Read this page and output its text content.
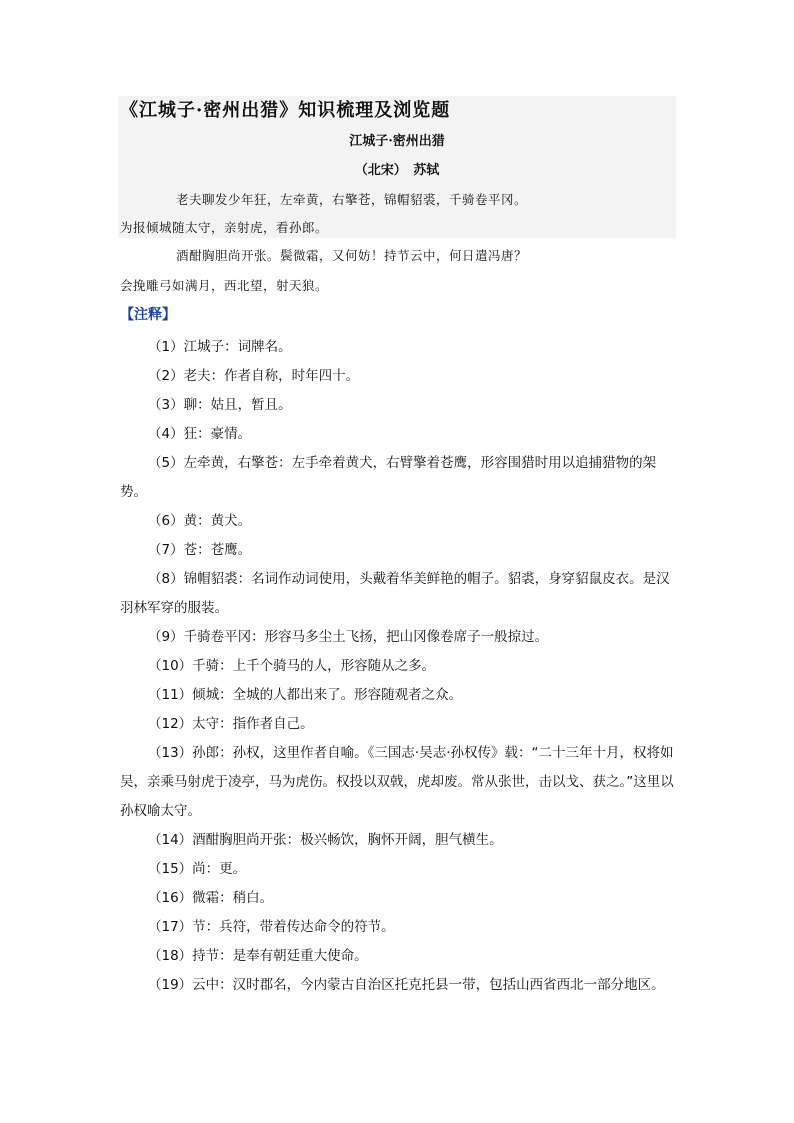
《江城子·密州出猎》知识梳理及浏览题
江城子·密州出猎
（北宋）　苏轼
老夫聊发少年狂，左牵黄，右擎苍，锦帽貂裘，千骑卷平冈。
为报倾城随太守，亲射虎，看孙郎。
酒酣胸胆尚开张。鬓微霜，又何妨！持节云中，何日遣冯唐？
会挽雕弓如满月，西北望，射天狼。
【注释】

（1）江城子：词牌名。

（2）老夫：作者自称，时年四十。

（3）聊：姑且，暂且。

（4）狂：豪情。

（5）左牵黄，右擎苍：左手牵着黄犬，右臂擎着苍鹰，形容围猎时用以追捕猎物的架势。

（6）黄：黄犬。

（7）苍：苍鹰。

（8）锦帽貂裘：名词作动词使用，头戴着华美鲜艳的帽子。貂裘，身穿貂鼠皮衣。是汉羽林军穿的服装。

（9）千骑卷平冈：形容马多尘土飞扬，把山冈像卷席子一般掠过。

（10）千骑：上千个骑马的人，形容随从之多。

（11）倾城：全城的人都出来了。形容随观者之众。

（12）太守：指作者自己。

（13）孙郎：孙权，这里作者自喻。《三国志·吴志·孙权传》载：“二十三年十月，权将如吴，亲乘马射虎于凌亭，马为虎伤。权投以双戟，虎却废。常从张世，击以戈、获之。”这里以孙权喻太守。

（14）酒酣胸胆尚开张：极兴畅饮，胸怀开阔，胆气横生。

（15）尚：更。

（16）微霜：稍白。

（17）节：兵符，带着传达命令的符节。

（18）持节：是奉有朝廷重大使命。

（19）云中：汉时郡名，今内蒙古自治区托克托县一带，包括山西省西北一部分地区。
